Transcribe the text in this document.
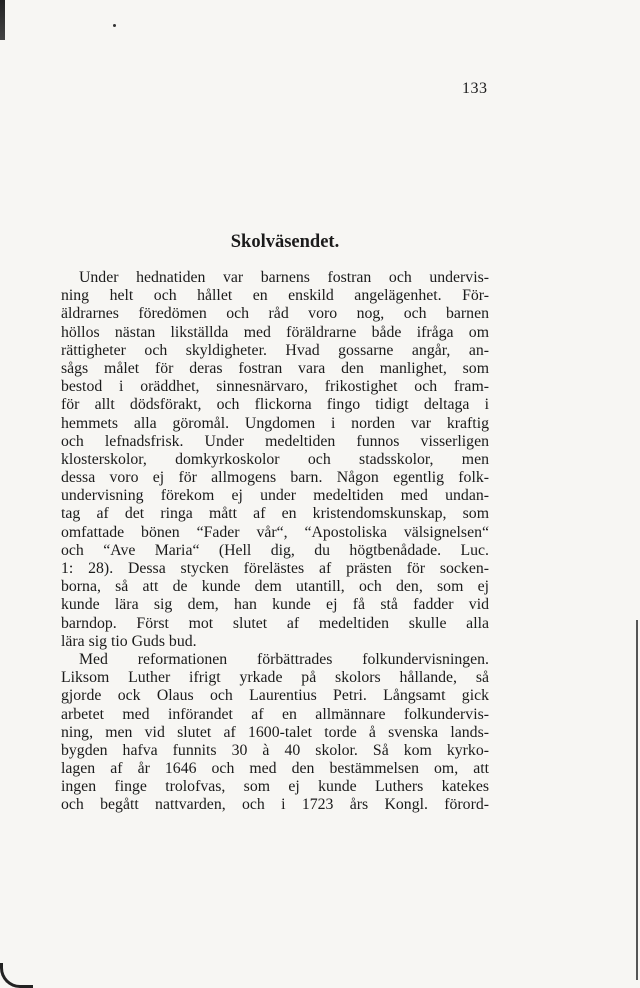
133
Skolväsendet.
Under hednatiden var barnens fostran och undervis-
ning helt och hållet en enskild angelägenhet. För-
äldrarnes föredömen och råd voro nog, och barnen
höllos nästan likställda med föräldrarne både ifråga om
rättigheter och skyldigheter. Hvad gossarne angår, an-
sågs målet för deras fostran vara den manlighet, som
bestod i oräddhet, sinnesnärvaro, frikostighet och fram-
för allt dödsförakt, och flickorna fingo tidigt deltaga i
hemmets alla göromål. Ungdomen i norden var kraftig
och lefnadsfrisk. Under medeltiden funnos visserligen
klosterskolor, domkyrkoskolor och stadsskolor, men
dessa voro ej för allmogens barn. Någon egentlig folk-
undervisning förekom ej under medeltiden med undan-
tag af det ringa mått af en kristendomskunskap, som
omfattade bönen “Fader vår“, “Apostoliska välsignelsen“
och “Ave Maria“ (Hell dig, du högtbenådade. Luc.
1: 28). Dessa stycken förelästes af prästen för socken-
borna, så att de kunde dem utantill, och den, som ej
kunde lära sig dem, han kunde ej få stå fadder vid
barndop. Först mot slutet af medeltiden skulle alla
lära sig tio Guds bud.
Med reformationen förbättrades folkundervisningen.
Liksom Luther ifrigt yrkade på skolors hållande, så
gjorde ock Olaus och Laurentius Petri. Långsamt gick
arbetet med införandet af en allmännare folkundervis-
ning, men vid slutet af 1600-talet torde å svenska lands-
bygden hafva funnits 30 à 40 skolor. Så kom kyrko-
lagen af år 1646 och med den bestämmelsen om, att
ingen finge trolofvas, som ej kunde Luthers katekes
och begått nattvarden, och i 1723 års Kongl. förord-
